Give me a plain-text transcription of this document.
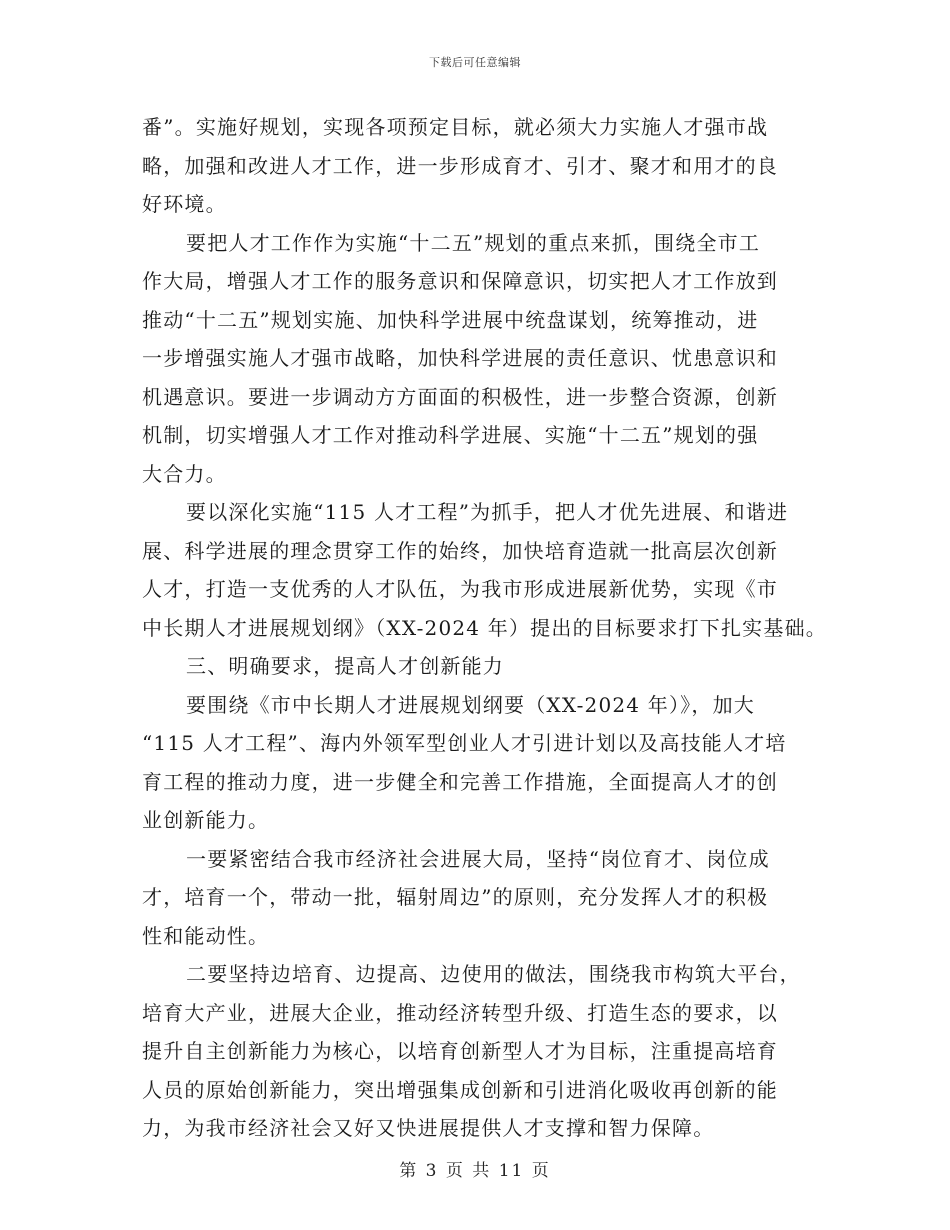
下载后可任意编辑
番”。实施好规划，实现各项预定目标，就必须大力实施人才强市战
略，加强和改进人才工作，进一步形成育才、引才、聚才和用才的良
好环境。
要把人才工作作为实施“十二五”规划的重点来抓，围绕全市工
作大局，增强人才工作的服务意识和保障意识，切实把人才工作放到
推动“十二五”规划实施、加快科学进展中统盘谋划，统筹推动，进
一步增强实施人才强市战略，加快科学进展的责任意识、忧患意识和
机遇意识。要进一步调动方方面面的积极性，进一步整合资源，创新
机制，切实增强人才工作对推动科学进展、实施“十二五”规划的强
大合力。
要以深化实施“115 人才工程”为抓手，把人才优先进展、和谐进
展、科学进展的理念贯穿工作的始终，加快培育造就一批高层次创新
人才，打造一支优秀的人才队伍，为我市形成进展新优势，实现《市
中长期人才进展规划纲》（XX-2024 年）提出的目标要求打下扎实基础。
三、明确要求，提高人才创新能力
要围绕《市中长期人才进展规划纲要（XX-2024 年）》，加大
“115 人才工程”、海内外领军型创业人才引进计划以及高技能人才培
育工程的推动力度，进一步健全和完善工作措施，全面提高人才的创
业创新能力。
一要紧密结合我市经济社会进展大局，坚持“岗位育才、岗位成
才，培育一个，带动一批，辐射周边”的原则，充分发挥人才的积极
性和能动性。
二要坚持边培育、边提高、边使用的做法，围绕我市构筑大平台，
培育大产业，进展大企业，推动经济转型升级、打造生态的要求，以
提升自主创新能力为核心，以培育创新型人才为目标，注重提高培育
人员的原始创新能力，突出增强集成创新和引进消化吸收再创新的能
力，为我市经济社会又好又快进展提供人才支撑和智力保障。
第 3 页 共 11 页
